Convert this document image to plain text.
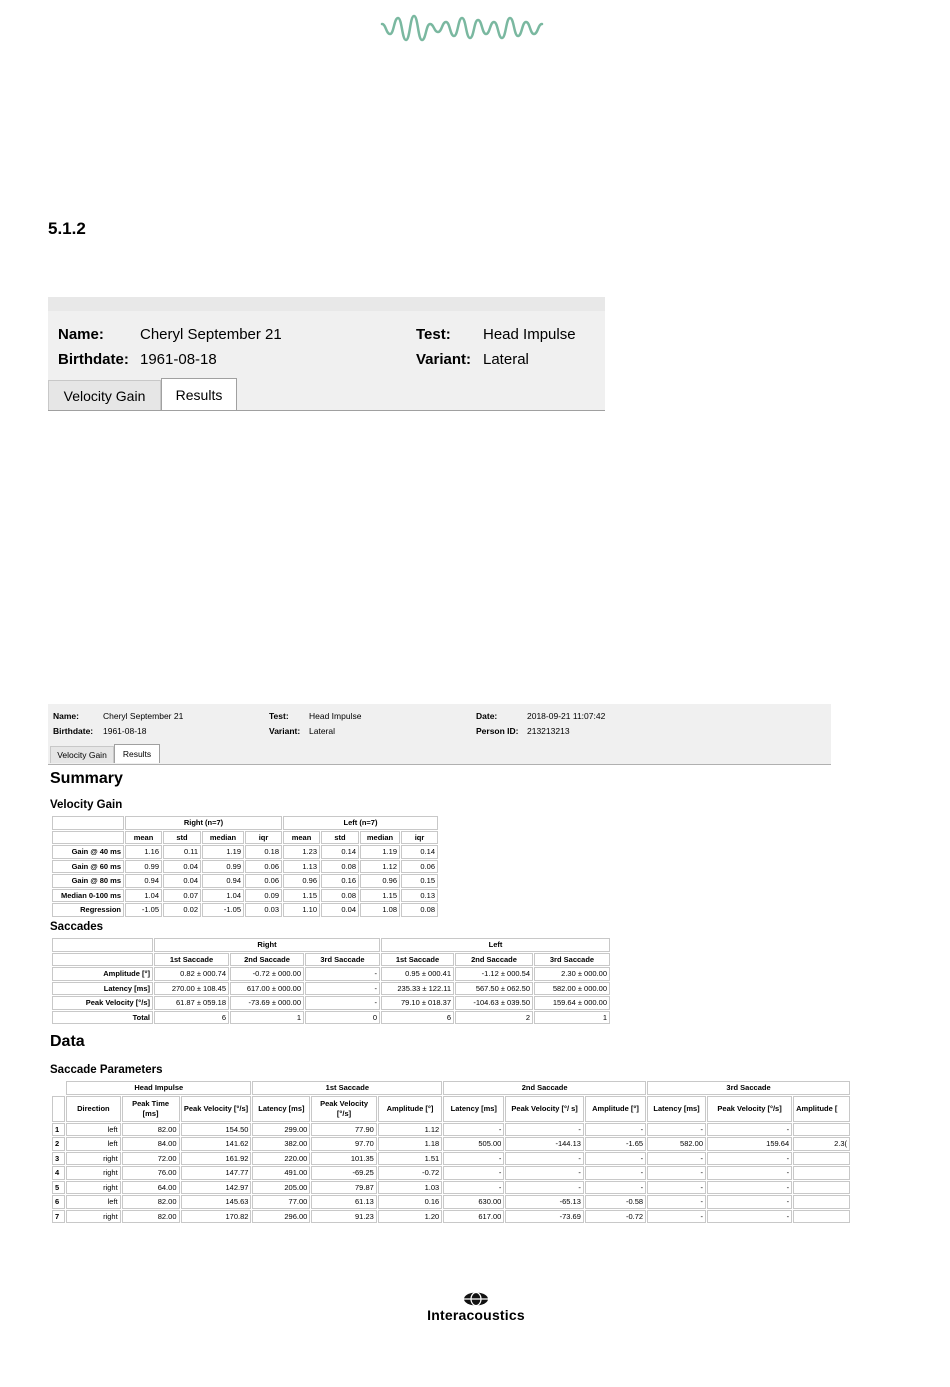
5.1.2
Name: Cheryl September 21
Birthdate: 1961-08-18
Test: Head Impulse
Variant: Lateral
Velocity Gain	Results
Name:	Cheryl September 21
Birthdate: 1961-08-18
Test: Head Impulse
Variant: Lateral
Date:	2018-09-21 11:07:42
Person ID: 213213213
Velocity Gain	Results
Summary
Velocity Gain
	Right (n=7)				Left (n=7)			
	mean	std	median	iqr	mean	std	median	iqr
Gain @ 40 ms	1.16	0.11	1.19	0.18	1.23	0.14	1.19	0.14
Gain @ 60 ms	0.99	0.04	0.99	0.06	1.13	0.08	1.12	0.06
Gain @ 80 ms	0.94	0.04	0.94	0.06	0.96	0.16	0.96	0.15
Median 0-100 ms	1.04	0.07	1.04	0.09	1.15	0.08	1.15	0.13
Regression	-1.05	0.02	-1.05	0.03	1.10	0.04	1.08	0.08
Saccades
	Right			Left		
	1st Saccade	2nd Saccade	3rd Saccade	1st Saccade	2nd Saccade	3rd Saccade
Amplitude [°]	0.82 ± 000.74	-0.72 ± 000.00	-	0.95 ± 000.41	-1.12 ± 000.54	2.30 ± 000.00
Latency [ms]	270.00 ± 108.45	617.00 ± 000.00	-	235.33 ± 122.11	567.50 ± 062.50	582.00 ± 000.00
Peak Velocity [°/s]	61.87 ± 059.18	-73.69 ± 000.00	-	79.10 ± 018.37	-104.63 ± 039.50	159.64 ± 000.00
Total	6	1	0	6	2	1
Data
Saccade Parameters
	Head Impulse			1st Saccade			2nd Saccade			3rd Saccade		
	Direction	Peak Time [ms]	Peak Velocity [°/s]	Latency [ms]	Peak Velocity [°/s]	Amplitude [°]	Latency [ms]	Peak Velocity [°/ s]	Amplitude [°]	Latency [ms]	Peak Velocity [°/s]	Amplitude [
1	left	82.00	154.50	299.00	77.90	1.12	-	-	-	-	-	
2	left	84.00	141.62	382.00	97.70	1.18	505.00	-144.13	-1.65	582.00	159.64	2.3(
3	right	72.00	161.92	220.00	101.35	1.51	-	-	-	-	-	
4	right	76.00	147.77	491.00	-69.25	-0.72	-	-	-	-	-	
5	right	64.00	142.97	205.00	79.87	1.03	-	-	-	-	-	
6	left	82.00	145.63	77.00	61.13	0.16	630.00	-65.13	-0.58	-	-	
7	right	82.00	170.82	296.00	91.23	1.20	617.00	-73.69	-0.72	-	-	
Interacoustics
